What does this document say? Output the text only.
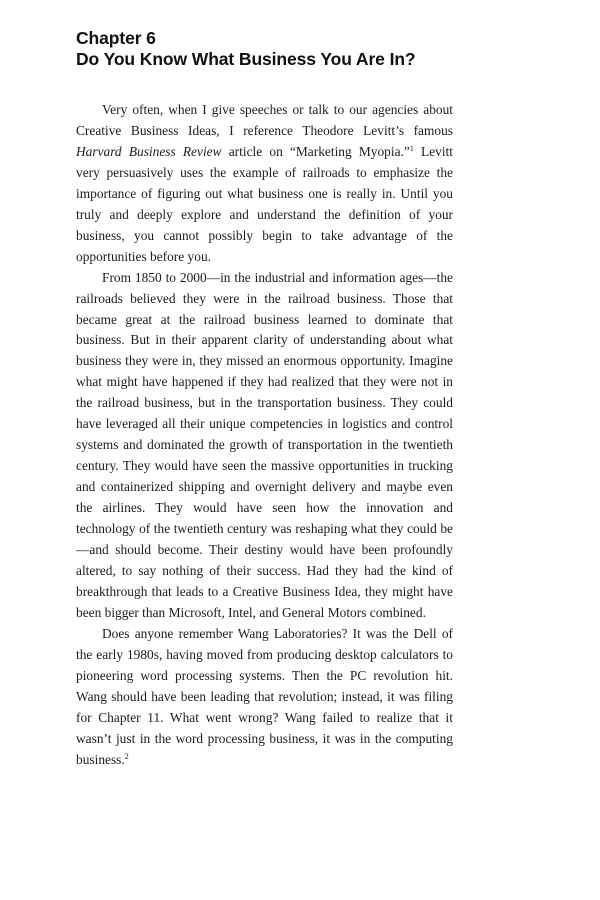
Chapter 6
Do You Know What Business You Are In?

Very often, when I give speeches or talk to our agencies about Creative Business Ideas, I reference Theodore Levitt’s famous Harvard Business Review article on “Marketing Myopia.”$^1$ Levitt very persuasively uses the example of railroads to emphasize the importance of figuring out what business one is really in. Until you truly and deeply explore and understand the definition of your business, you cannot possibly begin to take advantage of the opportunities before you.

From 1850 to 2000—in the industrial and information ages—the railroads believed they were in the railroad business. Those that became great at the railroad business learned to dominate that business. But in their apparent clarity of understanding about what business they were in, they missed an enormous opportunity. Imagine what might have happened if they had realized that they were not in the railroad business, but in the transportation business. They could have leveraged all their unique competencies in logistics and control systems and dominated the growth of transportation in the twentieth century. They would have seen the massive opportunities in trucking and containerized shipping and overnight delivery and maybe even the airlines. They would have seen how the innovation and technology of the twentieth century was reshaping what they could be—and should become. Their destiny would have been profoundly altered, to say nothing of their success. Had they had the kind of breakthrough that leads to a Creative Business Idea, they might have been bigger than Microsoft, Intel, and General Motors combined.

Does anyone remember Wang Laboratories? It was the Dell of the early 1980s, having moved from producing desktop calculators to pioneering word processing systems. Then the PC revolution hit. Wang should have been leading that revolution; instead, it was filing for Chapter 11. What went wrong? Wang failed to realize that it wasn’t just in the word processing business, it was in the computing business.$^2$
